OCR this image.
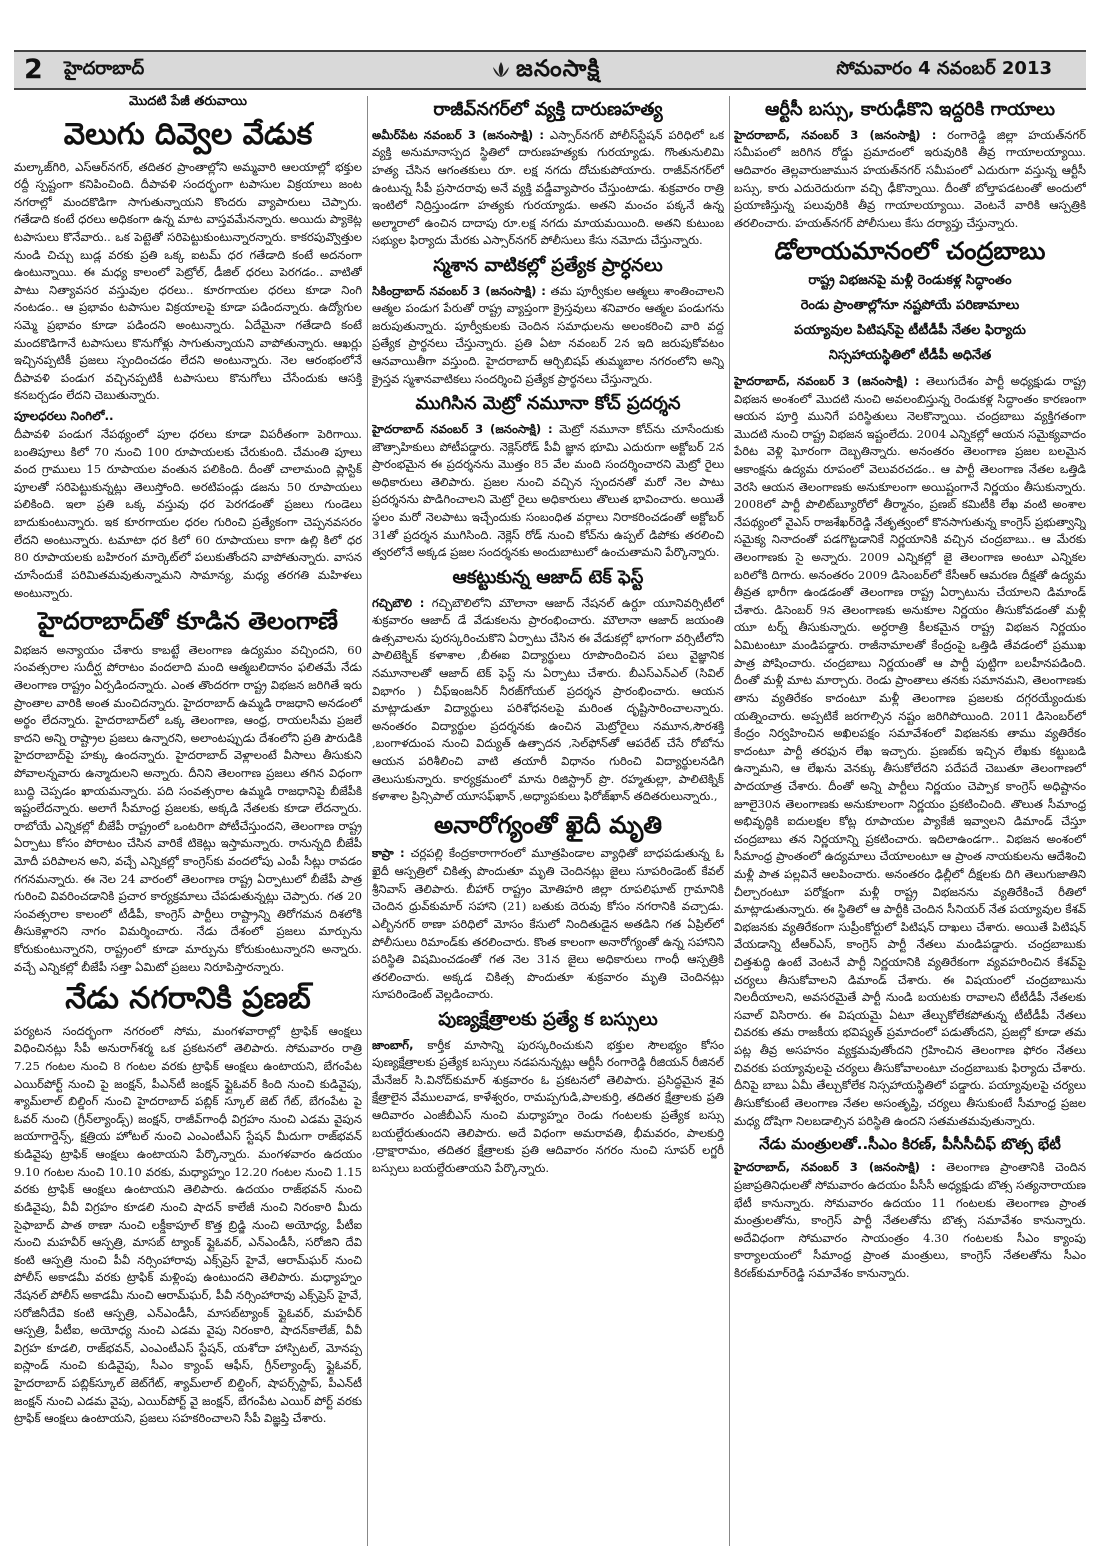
2 హైదరాబాద్	జనంసాక్షి	సోమవారం 4 నవంబర్ 2013
మొదటి పేజీ తరువాయి
వెలుగు దివ్వెల వేడుక

మల్కాజ్‌గిరి, ఎస్‌ఆర్‌నగర్‌, తదితర ప్రాంతాల్లోని అమ్మవారి ఆలయాల్లో భక్తుల రద్దీ స్పష్టంగా కనిపించింది. దీపావళి సందర్భంగా టపాసుల విక్రయాలు జంట నగరాల్లో మందకొడిగా సాగుతున్నాయని కొందరు వ్యాపారులు చెప్పారు. గతేడాది కంటే ధరలు అధికంగా ఉన్న మాట వాస్తవమేనన్నారు. అయిదు ప్యాకెట్ల టపాసులు కొనేవారు.. ఒక పెట్టెతో సరిపెట్టుకుంటున్నారన్నారు. కాకరపువ్వొత్తుల నుండి చిచ్చు బుడ్ల వరకు ప్రతి ఒక్క ఐటమ్‌ ధర గతేడాది కంటే అదనంగా ఉంటున్నాయి. ఈ మధ్య కాలంలో పెట్రోల్‌, డీజిల్‌ ధరలు పెరగడం.. వాటితో పాటు నిత్యావసర వస్తువుల ధరలు.. కూరగాయల ధరలు కూడా నింగి నంటడం.. ఆ ప్రభావం టపాసుల విక్రయాలపై కూడా పడిందన్నారు. ఉద్యోగుల సమ్మె ప్రభావం కూడా పడిందని అంటున్నారు. ఏదేమైనా గతేడాది కంటే మందకొడిగానే టపాసులు కొనుగోళ్లు సాగుతున్నాయని వాపోతున్నారు. ఆఖర్లు ఇచ్చినప్పటికీ ప్రజలు స్పందించడం లేదని అంటున్నారు. నెల ఆరంభంలోనే దీపావళి పండుగ వచ్చినప్పటికీ టపాసులు కొనుగోలు చేసేందుకు ఆసక్తి కనబర్చడం లేదని చెబుతున్నారు.

పూలధరలు నింగిలో..

దీపావళి పండుగ నేపథ్యంలో పూల ధరలు కూడా విపరీతంగా పెరిగాయి. బంతిపూలు కిలో 70 నుంచి 100 రూపాయలకు చేరుకుంది. చేమంతి పూలు వంద గ్రాములు 15 రూపాయల వంతున పలికింది. దీంతో చాలామంది ప్లాస్టిక్‌ పూలతో సరిపెట్టుకున్నట్లు తెలుస్తోంది. అరటిపండ్లు డజను 50 రూపాయలు పలికింది. ఇలా ప్రతి ఒక్క వస్తువు ధర పెరగడంతో ప్రజలు గుండెలు బాదుకుంటున్నారు. ఇక కూరగాయల ధరల గురించి ప్రత్యేకంగా చెప్పనవసరం లేదని అంటున్నారు. టమాటా ధర కిలో 60 రూపాయలు కాగా ఉల్లి కిలో ధర 80 రూపాయలకు బహిరంగ మార్కెట్‌లో పలుకుతోందని వాపోతున్నారు. వాసన చూసేందుకే పరిమితమవుతున్నామని సామాన్య, మధ్య తరగతి మహిళలు అంటున్నారు.

హైదరాబాద్‌తో కూడిన తెలంగాణే

విభజన అన్యాయం చేశారు కాబట్టే తెలంగాణ ఉద్యమం వచ్చిందని, 60 సంవత్సరాల సుదీర్ఘ పోరాటం వందలాది మంది ఆత్మబలిదానం ఫలితమే నేడు తెలంగాణ రాష్ట్రం ఏర్పడిందన్నారు. ఎంత తొందరగా రాష్ట్ర విభజన జరిగితే ఇరు ప్రాంతాల వారికి అంత మంచిదన్నారు. హైదరాబాద్‌ ఉమ్మడి రాజధాని అనడంలో అర్థం లేదన్నారు. హైదరాబాద్‌లో ఒక్క తెలంగాణ, ఆంధ్ర, రాయలసీమ ప్రజలే కాదని అన్ని రాష్ట్రాల ప్రజలు ఉన్నారని, అలాంటప్పుడు దేశంలోని ప్రతి పౌరుడికి హైదరాబాద్‌పై హక్కు ఉందన్నారు. హైదరాబాద్‌ వెళ్లాలంటే వీసాలు తీసుకుని పోవాలన్నవారు ఉన్మాదులని అన్నారు. దీనిని తెలంగాణ ప్రజలు తగిన విధంగా బుద్ధి చెప్పడం ఖాయమన్నారు. పది సంవత్సరాల ఉమ్మడి రాజధానిపై బీజేపీకి ఇష్టంలేదన్నారు. అలాగే సీమాంధ్ర ప్రజలకు, అక్కడి నేతలకు కూడా లేదన్నారు. రాబోయే ఎన్నికల్లో బీజేపీ రాష్ట్రంలో ఒంటరిగా పోటీచేస్తుందని, తెలంగాణ రాష్ట్ర ఏర్పాటు కోసం పోరాటం చేసిన వారికే టికెట్లు ఇస్తామన్నారు. రానున్నది బీజేపీ మోదీ పరిపాలన అని, వచ్చే ఎన్నికల్లో కాంగ్రెస్‌కు వందలోపు ఎంపీ సీట్లు రావడం గగనమన్నారు. ఈ నెల 24 వారంలో తెలంగాణ రాష్ట్ర ఏర్పాటులో బీజేపీ పాత్ర గురించి వివరించడానికి ప్రచార కార్యక్రమాలు చేపడుతున్నట్లు చెప్పారు. గత 20 సంవత్సరాల కాలంలో టీడీపీ, కాంగ్రెస్‌ పార్టీలు రాష్ట్రాన్ని తిరోగమన దిశలోకి తీసుకెళ్లారని నాగం విమర్శించారు. నేడు దేశంలో ప్రజలు మార్పును కోరుకుంటున్నారని, రాష్ట్రంలో కూడా మార్పును కోరుకుంటున్నారని అన్నారు. వచ్చే ఎన్నికల్లో బీజేపీ సత్తా ఏమిటో ప్రజలు నిరూపిస్తారన్నారు.

నేడు నగరానికి ప్రణబ్‌

పర్యటన సందర్భంగా నగరంలో సోమ, మంగళవారాల్లో ట్రాఫిక్‌ ఆంక్షలు విధించినట్లు సీపీ అనురాగ్‌శర్మ ఒక ప్రకటనలో తెలిపారు. సోమవారం రాత్రి 7.25 గంటల నుంచి 8 గంటల వరకు ట్రాఫిక్‌ ఆంక్షలు ఉంటాయని, బేగంపేట ఎయిర్‌పోర్ట్‌ నుంచి పై జంక్షన్‌, పీఎన్‌టీ జంక్షన్‌ ఫ్లైఓవర్‌ కింది నుంచి కుడివైపు, శ్యామ్‌లాల్‌ బిల్డింగ్‌ నుంచి హైదరాబాద్‌ పబ్లిక్‌ స్కూల్‌ జెట్‌ గేట్‌, బేగంపేట పై ఓవర్‌ నుంచి (గ్రీన్‌ల్యాండ్స్‌) జంక్షన్‌, రాజీవ్‌గాంధీ విగ్రహం నుంచి ఎడమ వైపున జయాగార్డెన్స్‌, క్షత్రియ హోటల్‌ నుంచి ఎంఎంటీఎస్‌ స్టేషన్‌ మీదుగా రాజ్‌భవన్‌ కుడివైపు ట్రాఫిక్‌ ఆంక్షలు ఉంటాయని పేర్కొన్నారు. మంగళవారం ఉదయం 9.10 గంటల నుంచి 10.10 వరకు, మధ్యాహ్నం 12.20 గంటల నుంచి 1.15 వరకు ట్రాఫిక్‌ ఆంక్షలు ఉంటాయని తెలిపారు. ఉదయం రాజ్‌భవన్‌ నుంచి కుడివైపు, వీవీ విగ్రహం కూడలి నుంచి షాదన్‌ కాలేజీ నుంచి నిరంకారి మీదు సైఫాబాద్‌ పాత ఠాణా నుంచి లక్డీకాపూల్‌ కొత్త బ్రిడ్జి నుంచి అయోధ్య, పీటీఐ నుంచి మహవీర్‌ ఆస్పత్రి, మాసబ్‌ ట్యాంక్‌ ఫ్లైఓవర్‌, ఎన్‌ఎండీసీ, సరోజిని దేవి కంటి ఆస్పత్రి నుంచి పీవీ నర్సింహారావు ఎక్స్‌ప్రెస్‌ హైవే, ఆరామ్‌ఘర్‌ నుంచి పోలీస్‌ అకాడమీ వరకు ట్రాఫిక్‌ మళ్లింపు ఉంటుందని తెలిపారు. మధ్యాహ్నం నేషనల్‌ పోలీస్‌ అకాడమీ నుంచి ఆరామ్‌ఘర్‌, పీవీ నర్సింహారావు ఎక్స్‌ప్రెస్‌ హైవే, సరోజినీదేవి కంటి ఆస్పత్రి, ఎన్‌ఎండీసీ, మాసబ్‌ట్యాంక్‌ ఫ్లైఓవర్‌, మహవీర్‌ ఆస్పత్రి, పీటీఐ, అయోధ్య నుంచి ఎడమ వైపు నిరంకారి, షాదన్‌కాలేజ్‌, వీవీ విగ్రహ కూడలి, రాజ్‌భవన్‌, ఎంఎంటీఎస్‌ స్టేషన్‌, యశోదా హాస్పిటల్‌, మోనప్ప ఐస్లాండ్‌ నుంచి కుడివైపు, సీఎం క్యాంప్‌ ఆఫీస్‌, గ్రీన్‌ల్యాండ్స్‌ ఫ్లైఓవర్‌, హైదరాబాద్‌ పబ్లిక్‌స్కూల్‌ జెట్‌గేట్‌, శ్యామ్‌లాల్‌ బిల్డింగ్‌, షాపర్స్‌స్టాప్‌, పీఎన్‌టీ జంక్షన్‌ నుంచి ఎడమ వైపు, ఎయిర్‌పోర్ట్‌ వై జంక్షన్‌, బేగంపేట ఎయిర్‌ పోర్ట్‌ వరకు ట్రాఫిక్‌ ఆంక్షలు ఉంటాయని, ప్రజలు సహకరించాలని సీపీ విజ్ఞప్తి చేశారు.

రాజీవ్‌నగర్‌లో వ్యక్తి దారుణహత్య

అమీర్‌పేట నవంబర్‌ 3 (జనంసాక్షి) : ఎస్సార్‌నగర్‌ పోలీస్‌స్టేషన్‌ పరిధిలో ఒక వ్యక్తి అనుమానాస్పద స్థితిలో దారుణహత్యకు గురయ్యాడు. గొంతునులిమి హత్య చేసిన ఆగంతకులు రూ. లక్ష నగదు దోచుకుపోయారు. రాజీవ్‌నగర్‌లో ఉంటున్న సీపీ ప్రసాదరావు అనే వ్యక్తి వడ్డీవ్యాపారం చేస్తుంటాడు. శుక్రవారం రాత్రి ఇంటిలో నిద్రిస్తుండగా హత్యకు గురయ్యాడు. అతని మంచం పక్కనే ఉన్న అల్మారాలో ఉంచిన దాదాపు రూ.లక్ష నగదు మాయమయింది. అతని కుటుంబ సభ్యుల ఫిర్యాదు మేరకు ఎస్సార్‌నగర్‌ పోలీసులు కేసు నమోదు చేస్తున్నారు.

స్మశాన వాటికల్లో ప్రత్యేక ప్రార్ధనలు

సికింద్రాబాద్‌ నవంబర్‌ 3 (జనంసాక్షి) : తమ పూర్వీకుల ఆత్మలు శాంతించాలని ఆత్మల పండుగ పేరుతో రాష్ట్ర వ్యాప్తంగా క్రైస్తవులు శనివారం ఆత్మల పండుగను జరుపుతున్నారు. పూర్వీకులకు చెందిన సమాధులను అలంకరించి వారి వద్ద ప్రత్యేక ప్రార్థనలు చేస్తున్నారు. ప్రతి ఏటా నవంబర్‌ 2న ఇది జరుపుకోవటం ఆనవాయితీగా వస్తుంది. హైదరాబాద్‌ ఆర్చిబిషప్‌ తుమ్మబాల నగరంలోని అన్ని క్రైస్తవ స్మశానవాటికలు సందర్శించి ప్రత్యేక ప్రార్థనలు చేస్తున్నారు.

ముగిసిన మెట్రో నమూనా కోచ్‌ ప్రదర్శన

హైదరాబాద్‌ నవంబర్‌ 3 (జనంసాక్షి) : మెట్రో నమూనా కోచ్‌ను చూసేందుకు జౌత్సాహికులు పోటీపడ్డారు. నెక్లెస్‌రోడ్‌ పీవీ జ్ఞాన భూమి ఎదురుగా అక్టోబర్‌ 2న ప్రారంభమైన ఈ ప్రదర్శనను మొత్తం 85 వేల మంది సందర్శించారని మెట్రో రైలు అధికారులు తెలిపారు. ప్రజల నుంచి వచ్చిన స్పందనతో మరో నెల పాటు ప్రదర్శనను పొడిగించాలని మెట్రో రైలు అధికారులు తొలుత భావించారు. అయితే స్థలం మరో నెలపాటు ఇచ్చేందుకు సంబంధిత వర్గాలు నిరాకరించడంతో అక్టోబర్‌ 31తో ప్రదర్శన ముగిసింది. నెక్లెస్‌ రోడ్‌ నుంచి కోచ్‌ను ఉప్పల్‌ డిపోకు తరలించి త్వరలోనే అక్కడ ప్రజల సందర్శనకు అందుబాటులో ఉంచుతామని పేర్కొన్నారు.

ఆకట్టుకున్న ఆజాద్‌ టెక్‌ ఫెస్ట్‌

గచ్చిబౌలి : గచ్చిబౌలిలోని మౌలానా ఆజాద్‌ నేషనల్‌ ఉర్దూ యూనివర్సిటీలో శుక్రవారం ఆజాద్‌ డే వేడుకలను ప్రారంభించారు. మౌలానా ఆజాద్‌ జయంతి ఉత్సవాలను పురస్కరించుకొని ఏర్పాటు చేసిన ఈ వేడుకల్లో భాగంగా వర్సిటీలోని పాలిటెక్నిక్‌ కళాశాల ,బీఈఐ విద్యార్థులు రూపొందించిన పలు వైజ్ఞానిక నమూనాలతో ఆజాద్‌ టెక్‌ ఫెస్ట్‌ ను ఏర్పాటు చేశారు. బీఎస్‌ఎన్‌ఎల్‌ (సివిల్‌ విభాగం ) చీఫ్‌ఇంజనీర్‌ నీరజ్‌గోయల్‌ ప్రదర్శన ప్రారంభించారు. ఆయన మాట్లాడుతూ విద్యార్థులు పరిశోధనలపై మరింత దృష్టిసారించాలన్నారు. అనంతరం విద్యార్థుల ప్రదర్శనకు ఉంచిన మెట్రోరైలు నమూన,సౌరశక్తి ,బంగాళదుంప నుంచి విద్యుత్‌ ఉత్పాదన ,సెల్‌ఫోన్‌తో ఆపరేట్‌ చేసే రోబోను ఆయన పరిశీలించి వాటి తయారీ విధానం గురించి విద్యార్థులనడిగి తెలుసుకున్నారు. కార్యక్రమంలో మాను రిజిస్ట్రార్‌ ప్రొ. రహ్మతుల్లా, పాలిటెక్నిక్‌ కళాశాల ప్రిన్సిపాల్‌ యూసఫ్‌ఖాన్‌ ,అధ్యాపకులు ఫిరోజ్‌ఖాన్‌ తదితరులున్నారు.,

అనారోగ్యంతో ఖైదీ మృతి

కాప్రా : చర్లపల్లి కేంద్రకారాగారంలో మూత్రపిండాల వ్యాధితో బాధపడుతున్న ఓ ఖైదీ ఆస్పత్రిలో చికిత్స పొందుతూ మృతి చెందినట్లు జైలు సూపరిండెంట్‌ కేవల్‌ శ్రీనివాస్‌ తెలిపారు. బీహార్‌ రాష్ట్రం మోతిహరి జిల్లా రూపలిఘాట్‌ గ్రామానికి చెందిన ధ్రువ్‌కుమార్‌ సహాని (21) బతుకు దెరువు కోసం నగరానికి వచ్చాడు. ఎల్బీనగర్‌ ఠాణా పరిధిలో మోసం కేసులో నిందితుడైన అతడిని గత ఏప్రిల్‌లో పోలీసులు రిమాండ్‌కు తరలించారు. కొంత కాలంగా అనారోగ్యంతో ఉన్న సహానిని పరిస్థితి విషమించడంతో గత నెల 31న జైలు అధికారులు గాంధీ ఆస్పత్రికి తరలించారు. అక్కడ చికిత్స పొందుతూ శుక్రవారం మృతి చెందినట్లు సూపరిండెంట్‌ వెల్లడించారు.

పుణ్యక్షేత్రాలకు ప్రత్యే క బస్సులు

జాంబాగ్‌, కార్తీక మాసాన్ని పురస్కరించుకుని భక్తుల సౌలభ్యం కోసం పుణ్యక్షేత్రాలకు ప్రత్యేక బస్సులు నడపనున్నట్లు ఆర్టీసీ రంగారెడ్డి రీజియన్‌ రీజినల్‌ మేనేజర్‌ సి.వినోద్‌కుమార్‌ శుక్రవారం ఓ ప్రకటనలో తెలిపారు. ప్రసిద్ధమైన శైవ క్షేత్రాలైన వేములవాడ, కాళేశ్వరం, రామప్పగుడి,పాలకుర్తి, తదితర క్షేత్రాలకు ప్రతి ఆదివారం ఎంజీబీఎస్‌ నుంచి మధ్యాహ్నం రెండు గంటలకు ప్రత్యేక బస్సు బయల్దేరుతుందని తెలిపారు. అదే విధంగా అమరావతి, భీమవరం, పాలకుర్తి ,ద్రాక్షారామం, తదితర క్షేత్రాలకు ప్రతి ఆదివారం నగరం నుంచి సూపర్‌ లగ్జరీ బస్సులు బయల్దేరుతాయని పేర్కొన్నారు.

ఆర్టీసీ బస్సు, కారుఢీకొని ఇద్దరికి గాయాలు

హైదరాబాద్‌, నవంబర్‌ 3 (జనంసాక్షి) : రంగారెడ్డి జిల్లా హయత్‌నగర్‌ సమీపంలో జరిగిన రోడ్డు ప్రమాదంలో ఇరువురికి తీవ్ర గాయాలయ్యాయి. ఆదివారం తెల్లవారుజామున హయత్‌నగర్‌ సమీపంలో ఎదురుగా వస్తున్న ఆర్టీసీ బస్సు, కారు ఎదురెదురుగా వచ్చి ఢీకొన్నాయి. దీంతో బోల్తాపడటంతో అందులో ప్రయాణిస్తున్న పలువురికి తీవ్ర గాయాలయ్యాయి. వెంటనే వారికి ఆస్పత్రికి తరలించారు. హయత్‌నగర్‌ పోలీసులు కేసు దర్యాప్తు చేస్తున్నారు.

డోలాయమానంలో చంద్రబాబు
రాష్ట్ర విభజనపై మళ్లీ రెండుకళ్ల సిద్ధాంతం
రెండు ప్రాంతాల్లోనూ నష్టపోయే పరిణామాలు
పయ్యావుల పిటిషన్‌పై టీటీడీపీ నేతల ఫిర్యాదు
నిస్సహాయస్థితిలో టీడీపీ అధినేత

హైదరాబాద్‌, నవంబర్‌ 3 (జనంసాక్షి) : తెలుగుదేశం పార్టీ అధ్యక్షుడు రాష్ట్ర విభజన అంశంలో మొదటి నుంచి అవలంబిస్తున్న రెండుకళ్ల సిద్ధాంతం కారణంగా ఆయన పూర్తి మునిగే పరిస్థితులు నెలకొన్నాయి. చంద్రబాబు వ్యక్తిగతంగా మొదటి నుంచి రాష్ట్ర విభజన ఇష్టంలేదు. 2004 ఎన్నికల్లో ఆయన సమైక్యవాదం పేరిట వెళ్లి ఘోరంగా దెబ్బతిన్నారు. అనంతరం తెలంగాణ ప్రజల బలమైన ఆకాంక్షను ఉద్యమ రూపంలో వెలువరచడం.. ఆ పార్టీ తెలంగాణ నేతల ఒత్తిడి వెరసి ఆయన తెలంగాణకు అనుకూలంగా అయిష్టంగానే నిర్ణయం తీసుకున్నారు. 2008లో పార్టీ పొలిట్‌బ్యూరోలో తీర్మానం, ప్రణబ్‌ కమిటీకి లేఖ వంటి అంశాల నేపథ్యంలో వైఎస్‌ రాజశేఖర్‌రెడ్డి నేతృత్వంలో కొనసాగుతున్న కాంగ్రెస్‌ ప్రభుత్వాన్ని సమైక్య నినాదంతో పడగొట్టడానికే నిర్ణయానికి వచ్చిన చంద్రబాబు.. ఆ మేరకు తెలంగాణకు సై అన్నారు. 2009 ఎన్నికల్లో జై తెలంగాణ అంటూ ఎన్నికల బరిలోకి దిగారు. అనంతరం 2009 డిసెంబర్‌లో కేసీఆర్‌ ఆమరణ దీక్షతో ఉద్యమ తీవ్రత భారీగా ఉండడంతో తెలంగాణ రాష్ట్ర ఏర్పాటును చేయాలని డిమాండ్‌ చేశారు. డిసెంబర్‌ 9న తెలంగాణకు అనుకూల నిర్ణయం తీసుకోవడంతో మళ్లీ యూ టర్న్‌ తీసుకున్నారు. అర్ధరాత్రి కీలకమైన రాష్ట్ర విభజన నిర్ణయం ఏమిటంటూ మండిపడ్డారు. రాజీనామాలతో కేంద్రంపై ఒత్తిడి తేవడంలో ప్రముఖ పాత్ర పోషించారు. చంద్రబాబు నిర్ణయంతో ఆ పార్టీ పుట్టిగా బలహీనపడింది. దీంతో మళ్లీ మాట మార్చారు. రెండు ప్రాంతాలు తనకు సమానమని, తెలంగాణకు తాను వ్యతిరేకం కాదంటూ మళ్లీ తెలంగాణ ప్రజలకు దగ్గరయ్యేందుకు యత్నించారు. అప్పటికే జరగాల్సిన నష్టం జరిగిపోయింది. 2011 డిసెంబర్‌లో కేంద్రం నిర్వహించిన అఖిలపక్షం సమావేశంలో విభజనకు తాము వ్యతిరేకం కాదంటూ పార్టీ తరఫున లేఖ ఇచ్చారు. ప్రణబ్‌కు ఇచ్చిన లేఖకు కట్టుబడి ఉన్నామని, ఆ లేఖను వెనక్కు తీసుకోలేదని పదేపదే చెబుతూ తెలంగాణలో పాదయాత్ర చేశారు. దీంతో అన్ని పార్టీలు నిర్ణయం చెప్పాక కాంగ్రెస్‌ అధిష్టానం జూలై30న తెలంగాణకు అనుకూలంగా నిర్ణయం ప్రకటించింది. తొలుత సీమాంధ్ర అభివృద్ధికి ఐదులక్షల కోట్ల రూపాయల ప్యాకేజీ ఇవ్వాలని డిమాండ్‌ చేస్తూ చంద్రబాబు తన నిర్ణయాన్ని ప్రకటించారు. ఇదిలాఉండగా.. విభజన అంశంలో సీమాంధ్ర ప్రాంతంలో ఉద్యమాలు చేయాలంటూ ఆ ప్రాంత నాయకులను ఆదేశించి మళ్లీ పాత పల్లవినే ఆలపించారు. అనంతరం ఢిల్లీలో దీక్షలకు దిగి తెలుగుజాతిని చీల్చారంటూ పరోక్షంగా మళ్లీ రాష్ట్ర విభజనను వ్యతిరేకించే రీతిలో మాట్లాడుతున్నారు. ఈ స్థితిలో ఆ పార్టీకి చెందిన సీనియర్‌ నేత పయ్యావుల కేశవ్‌ విభజనకు వ్యతిరేకంగా సుప్రీంకోర్టులో పిటిషన్‌ దాఖలు చేశారు. అయితే పిటిషన్‌ వేయడాన్ని టీఆర్‌ఎస్‌, కాంగ్రెస్‌ పార్టీ నేతలు మండిపడ్డారు. చంద్రబాబుకు చిత్తశుద్ధి ఉంటే వెంటనే పార్టీ నిర్ణయానికి వ్యతిరేకంగా వ్యవహరించిన కేశవ్‌పై చర్యలు తీసుకోవాలని డిమాండ్‌ చేశారు. ఈ విషయంలో చంద్రబాబును నిలదీయాలని, అవసరమైతే పార్టీ నుండి బయటకు రావాలని టీటీడీపీ నేతలకు సవాల్‌ విసిరారు. ఈ విషయమై ఏటూ తేల్చుకోలేకపోతున్న టీటీడీపీ నేతలు చివరకు తమ రాజకీయ భవిష్యత్‌ ప్రమాదంలో పడుతోందని, ప్రజల్లో కూడా తమ పట్ల తీవ్ర అసహనం వ్యక్తమవుతోందని గ్రహించిన తెలంగాణ ఫోరం నేతలు చివరకు పయ్యావులపై చర్యలు తీసుకోవాలంటూ చంద్రబాబుకు ఫిర్యాదు చేశారు. దీనిపై బాబు ఏమీ తేల్చుకోలేక నిస్సహాయస్థితిలో పడ్డారు. పయ్యావులపై చర్యలు తీసుకోకుంటే తెలంగాణ నేతల అసంతృప్తి, చర్యలు తీసుకుంటే సీమాంధ్ర ప్రజల మధ్య దోషిగా నిలబడాల్సిన పరిస్థితి ఉందని సతమతమవుతున్నారు.

నేడు మంత్రులతో..సీఎం కిరణ్‌, పీసీసీచీఫ్‌ బొత్స భేటీ

హైదరాబాద్‌, నవంబర్‌ 3 (జనంసాక్షి) : తెలంగాణ ప్రాంతానికి చెందిన ప్రజాప్రతినిధులతో సోమవారం ఉదయం పీసీసీ అధ్యక్షుడు బొత్స సత్యనారాయణ భేటీ కానున్నారు. సోమవారం ఉదయం 11 గంటలకు తెలంగాణ ప్రాంత మంత్రులతోను, కాంగ్రెస్‌ పార్టీ నేతలతోను బొత్స సమావేశం కానున్నారు. అదేవిధంగా సోమవారం సాయంత్రం 4.30 గంటలకు సీఎం క్యాంపు కార్యాలయంలో సీమాంధ్ర ప్రాంత మంత్రులు, కాంగ్రెస్‌ నేతలతోను సీఎం కిరణ్‌కుమార్‌రెడ్డి సమావేశం కానున్నారు.
